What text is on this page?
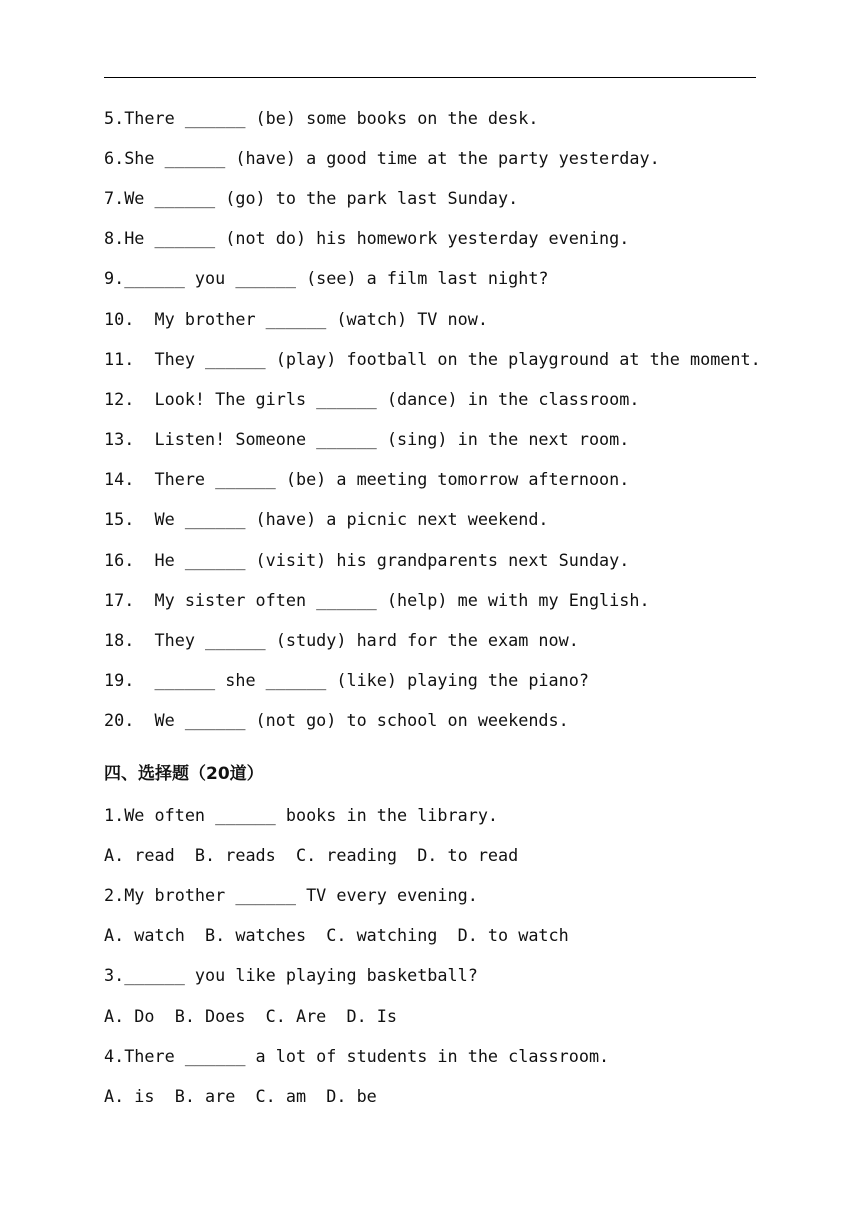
5.There ______ (be) some books on the desk.
6.She ______ (have) a good time at the party yesterday.
7.We ______ (go) to the park last Sunday.
8.He ______ (not do) his homework yesterday evening.
9.______ you ______ (see) a film last night?
10.  My brother ______ (watch) TV now.
11.  They ______ (play) football on the playground at the moment.
12.  Look! The girls ______ (dance) in the classroom.
13.  Listen! Someone ______ (sing) in the next room.
14.  There ______ (be) a meeting tomorrow afternoon.
15.  We ______ (have) a picnic next weekend.
16.  He ______ (visit) his grandparents next Sunday.
17.  My sister often ______ (help) me with my English.
18.  They ______ (study) hard for the exam now.
19.  ______ she ______ (like) playing the piano?
20.  We ______ (not go) to school on weekends.
四、选择题（20道）
1.We often ______ books in the library.
A. read  B. reads  C. reading  D. to read
2.My brother ______ TV every evening.
A. watch  B. watches  C. watching  D. to watch
3.______ you like playing basketball?
A. Do  B. Does  C. Are  D. Is
4.There ______ a lot of students in the classroom.
A. is  B. are  C. am  D. be
